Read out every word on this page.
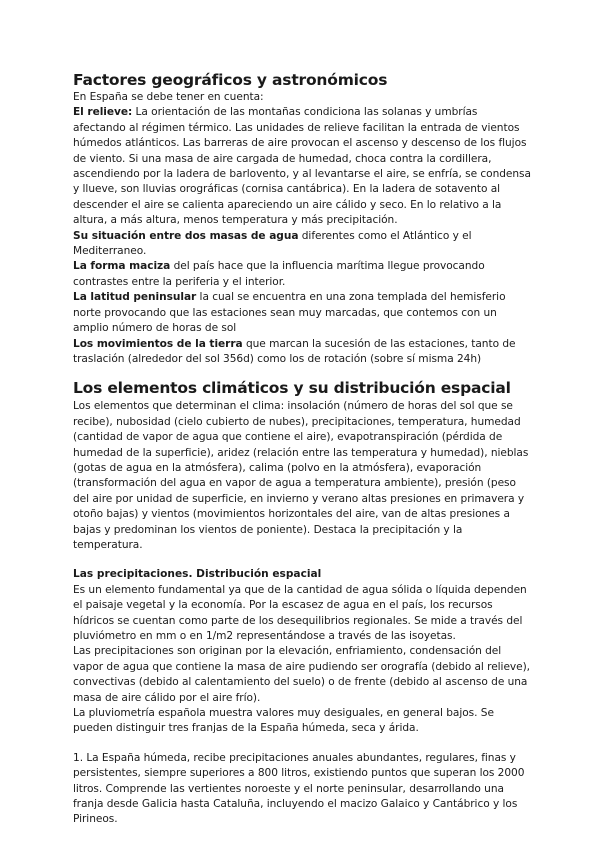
Factores geográficos y astronómicos

En España se debe tener en cuenta:

El relieve: La orientación de las montañas condiciona las solanas y umbrías afectando al régimen térmico. Las unidades de relieve facilitan la entrada de vientos húmedos atlánticos. Las barreras de aire provocan el ascenso y descenso de los flujos de viento. Si una masa de aire cargada de humedad, choca contra la cordillera, ascendiendo por la ladera de barlovento, y al levantarse el aire, se enfría, se condensa y llueve, son lluvias orográficas (cornisa cantábrica). En la ladera de sotavento al descender el aire se calienta apareciendo un aire cálido y seco. En lo relativo a la altura, a más altura, menos temperatura y más precipitación.

Su situación entre dos masas de agua diferentes como el Atlántico y el Mediterraneo.

La forma maciza del país hace que la influencia marítima llegue provocando contrastes entre la periferia y el interior.

La latitud peninsular la cual se encuentra en una zona templada del hemisferio norte provocando que las estaciones sean muy marcadas, que contemos con un amplio número de horas de sol

Los movimientos de la tierra que marcan la sucesión de las estaciones, tanto de traslación (alrededor del sol 356d) como los de rotación (sobre sí misma 24h)

Los elementos climáticos y su distribución espacial

Los elementos que determinan el clima: insolación (número de horas del sol que se recibe), nubosidad (cielo cubierto de nubes), precipitaciones, temperatura, humedad (cantidad de vapor de agua que contiene el aire), evapotranspiración (pérdida de humedad de la superficie), aridez (relación entre las temperatura y humedad), nieblas (gotas de agua en la atmósfera), calima (polvo en la atmósfera), evaporación (transformación del agua en vapor de agua a temperatura ambiente), presión (peso del aire por unidad de superficie, en invierno y verano altas presiones en primavera y otoño bajas) y vientos (movimientos horizontales del aire, van de altas presiones a bajas y predominan los vientos de poniente). Destaca la precipitación y la temperatura.

Las precipitaciones. Distribución espacial

Es un elemento fundamental ya que de la cantidad de agua sólida o líquida dependen el paisaje vegetal y la economía. Por la escasez de agua en el país, los recursos hídricos se cuentan como parte de los desequilibrios regionales. Se mide a través del pluviómetro en mm o en 1/m2 representándose a través de las isoyetas.

Las precipitaciones son originan por la elevación, enfriamiento, condensación del vapor de agua que contiene la masa de aire pudiendo ser orografía (debido al relieve), convectivas (debido al calentamiento del suelo) o de frente (debido al ascenso de una masa de aire cálido por el aire frío).

La pluviometría española muestra valores muy desiguales, en general bajos. Se pueden distinguir tres franjas de la España húmeda, seca y árida.

1. La España húmeda, recibe precipitaciones anuales abundantes, regulares, finas y persistentes, siempre superiores a 800 litros, existiendo puntos que superan los 2000 litros. Comprende las vertientes noroeste y el norte peninsular, desarrollando una franja desde Galicia hasta Cataluña, incluyendo el macizo Galaico y Cantábrico y los Pirineos.
